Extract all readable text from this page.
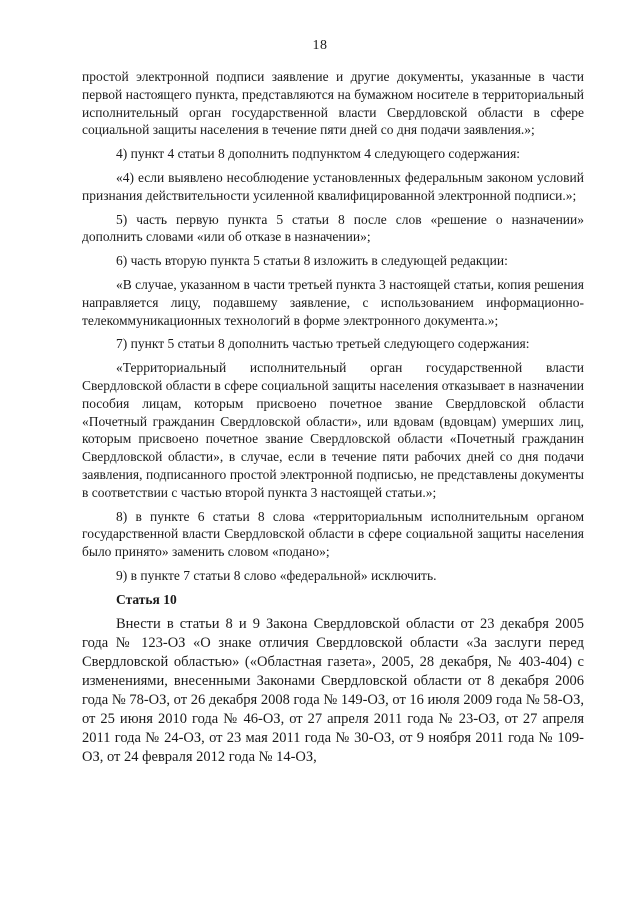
18

простой электронной подписи заявление и другие документы, указанные в части первой настоящего пункта, представляются на бумажном носителе в территориальный исполнительный орган государственной власти Свердловской области в сфере социальной защиты населения в течение пяти дней со дня подачи заявления.»;

4) пункт 4 статьи 8 дополнить подпунктом 4 следующего содержания:

«4) если выявлено несоблюдение установленных федеральным законом условий признания действительности усиленной квалифицированной электронной подписи.»;

5) часть первую пункта 5 статьи 8 после слов «решение о назначении» дополнить словами «или об отказе в назначении»;

6) часть вторую пункта 5 статьи 8 изложить в следующей редакции:

«В случае, указанном в части третьей пункта 3 настоящей статьи, копия решения направляется лицу, подавшему заявление, с использованием информационно-телекоммуникационных технологий в форме электронного документа.»;

7) пункт 5 статьи 8 дополнить частью третьей следующего содержания:

«Территориальный исполнительный орган государственной власти Свердловской области в сфере социальной защиты населения отказывает в назначении пособия лицам, которым присвоено почетное звание Свердловской области «Почетный гражданин Свердловской области», или вдовам (вдовцам) умерших лиц, которым присвоено почетное звание Свердловской области «Почетный гражданин Свердловской области», в случае, если в течение пяти рабочих дней со дня подачи заявления, подписанного простой электронной подписью, не представлены документы в соответствии с частью второй пункта 3 настоящей статьи.»;

8) в пункте 6 статьи 8 слова «территориальным исполнительным органом государственной власти Свердловской области в сфере социальной защиты населения было принято» заменить словом «подано»;

9) в пункте 7 статьи 8 слово «федеральной» исключить.

Статья 10

Внести в статьи 8 и 9 Закона Свердловской области от 23 декабря 2005 года № 123-ОЗ «О знаке отличия Свердловской области «За заслуги перед Свердловской областью» («Областная газета», 2005, 28 декабря, № 403-404) с изменениями, внесенными Законами Свердловской области от 8 декабря 2006 года № 78-ОЗ, от 26 декабря 2008 года № 149-ОЗ, от 16 июля 2009 года № 58-ОЗ, от 25 июня 2010 года № 46-ОЗ, от 27 апреля 2011 года № 23-ОЗ, от 27 апреля 2011 года № 24-ОЗ, от 23 мая 2011 года № 30-ОЗ, от 9 ноября 2011 года № 109-ОЗ, от 24 февраля 2012 года № 14-ОЗ,
